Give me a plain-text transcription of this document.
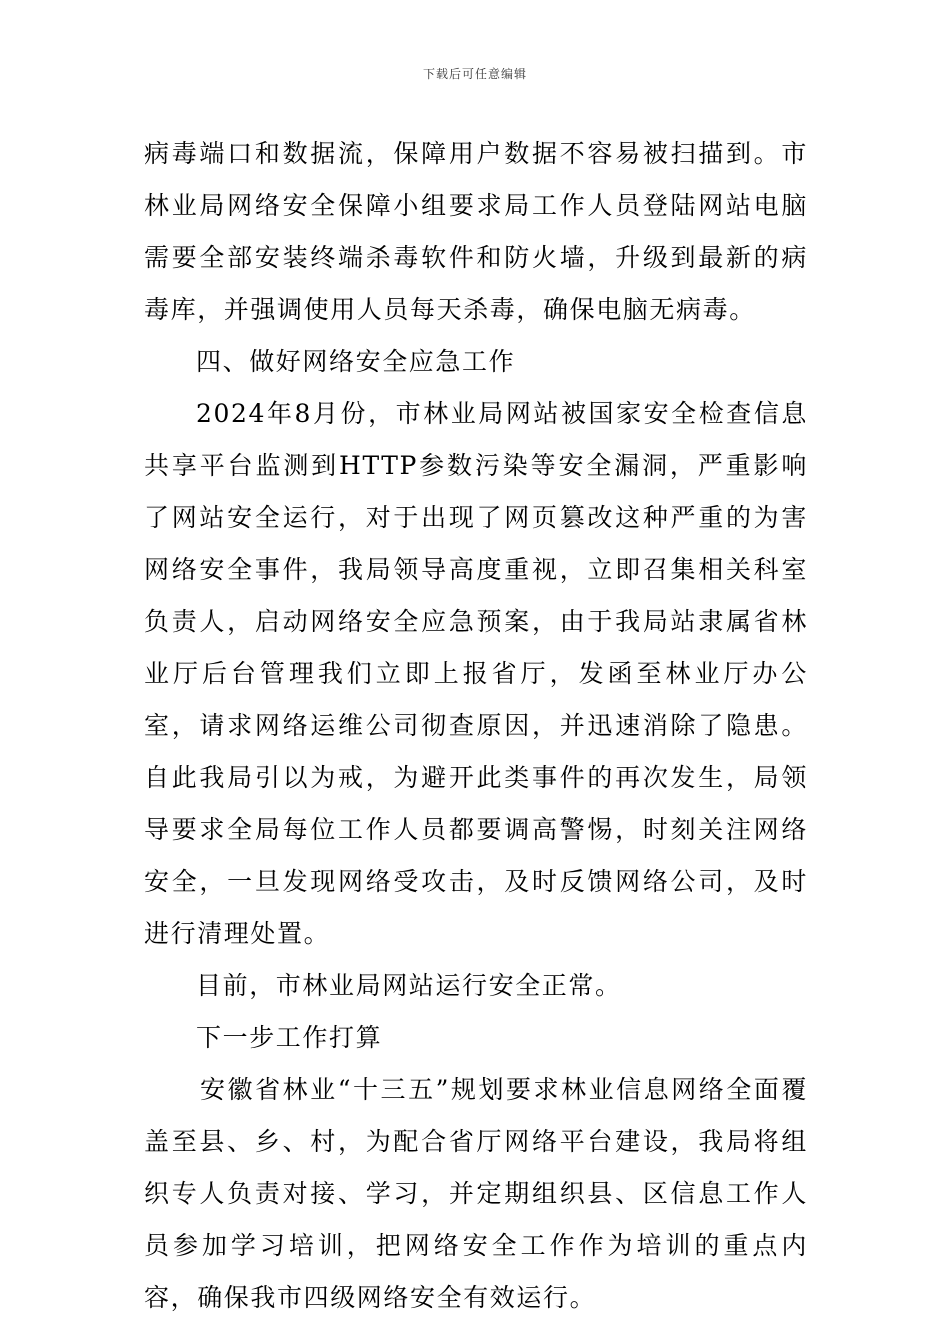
下载后可任意编辑

病毒端口和数据流，保障用户数据不容易被扫描到。市林业局网络安全保障小组要求局工作人员登陆网站电脑需要全部安装终端杀毒软件和防火墙，升级到最新的病毒库，并强调使用人员每天杀毒，确保电脑无病毒。

四、做好网络安全应急工作

2024年8月份，市林业局网站被国家安全检查信息共享平台监测到HTTP参数污染等安全漏洞，严重影响了网站安全运行，对于出现了网页篡改这种严重的为害网络安全事件，我局领导高度重视，立即召集相关科室负责人，启动网络安全应急预案，由于我局站隶属省林业厅后台管理我们立即上报省厅，发函至林业厅办公室，请求网络运维公司彻查原因，并迅速消除了隐患。自此我局引以为戒，为避开此类事件的再次发生，局领导要求全局每位工作人员都要调高警惕，时刻关注网络安全，一旦发现网络受攻击，及时反馈网络公司，及时进行清理处置。

目前，市林业局网站运行安全正常。

下一步工作打算

安徽省林业“十三五”规划要求林业信息网络全面覆盖至县、乡、村，为配合省厅网络平台建设，我局将组织专人负责对接、学习，并定期组织县、区信息工作人员参加学习培训，把网络安全工作作为培训的重点内容，确保我市四级网络安全有效运行。
